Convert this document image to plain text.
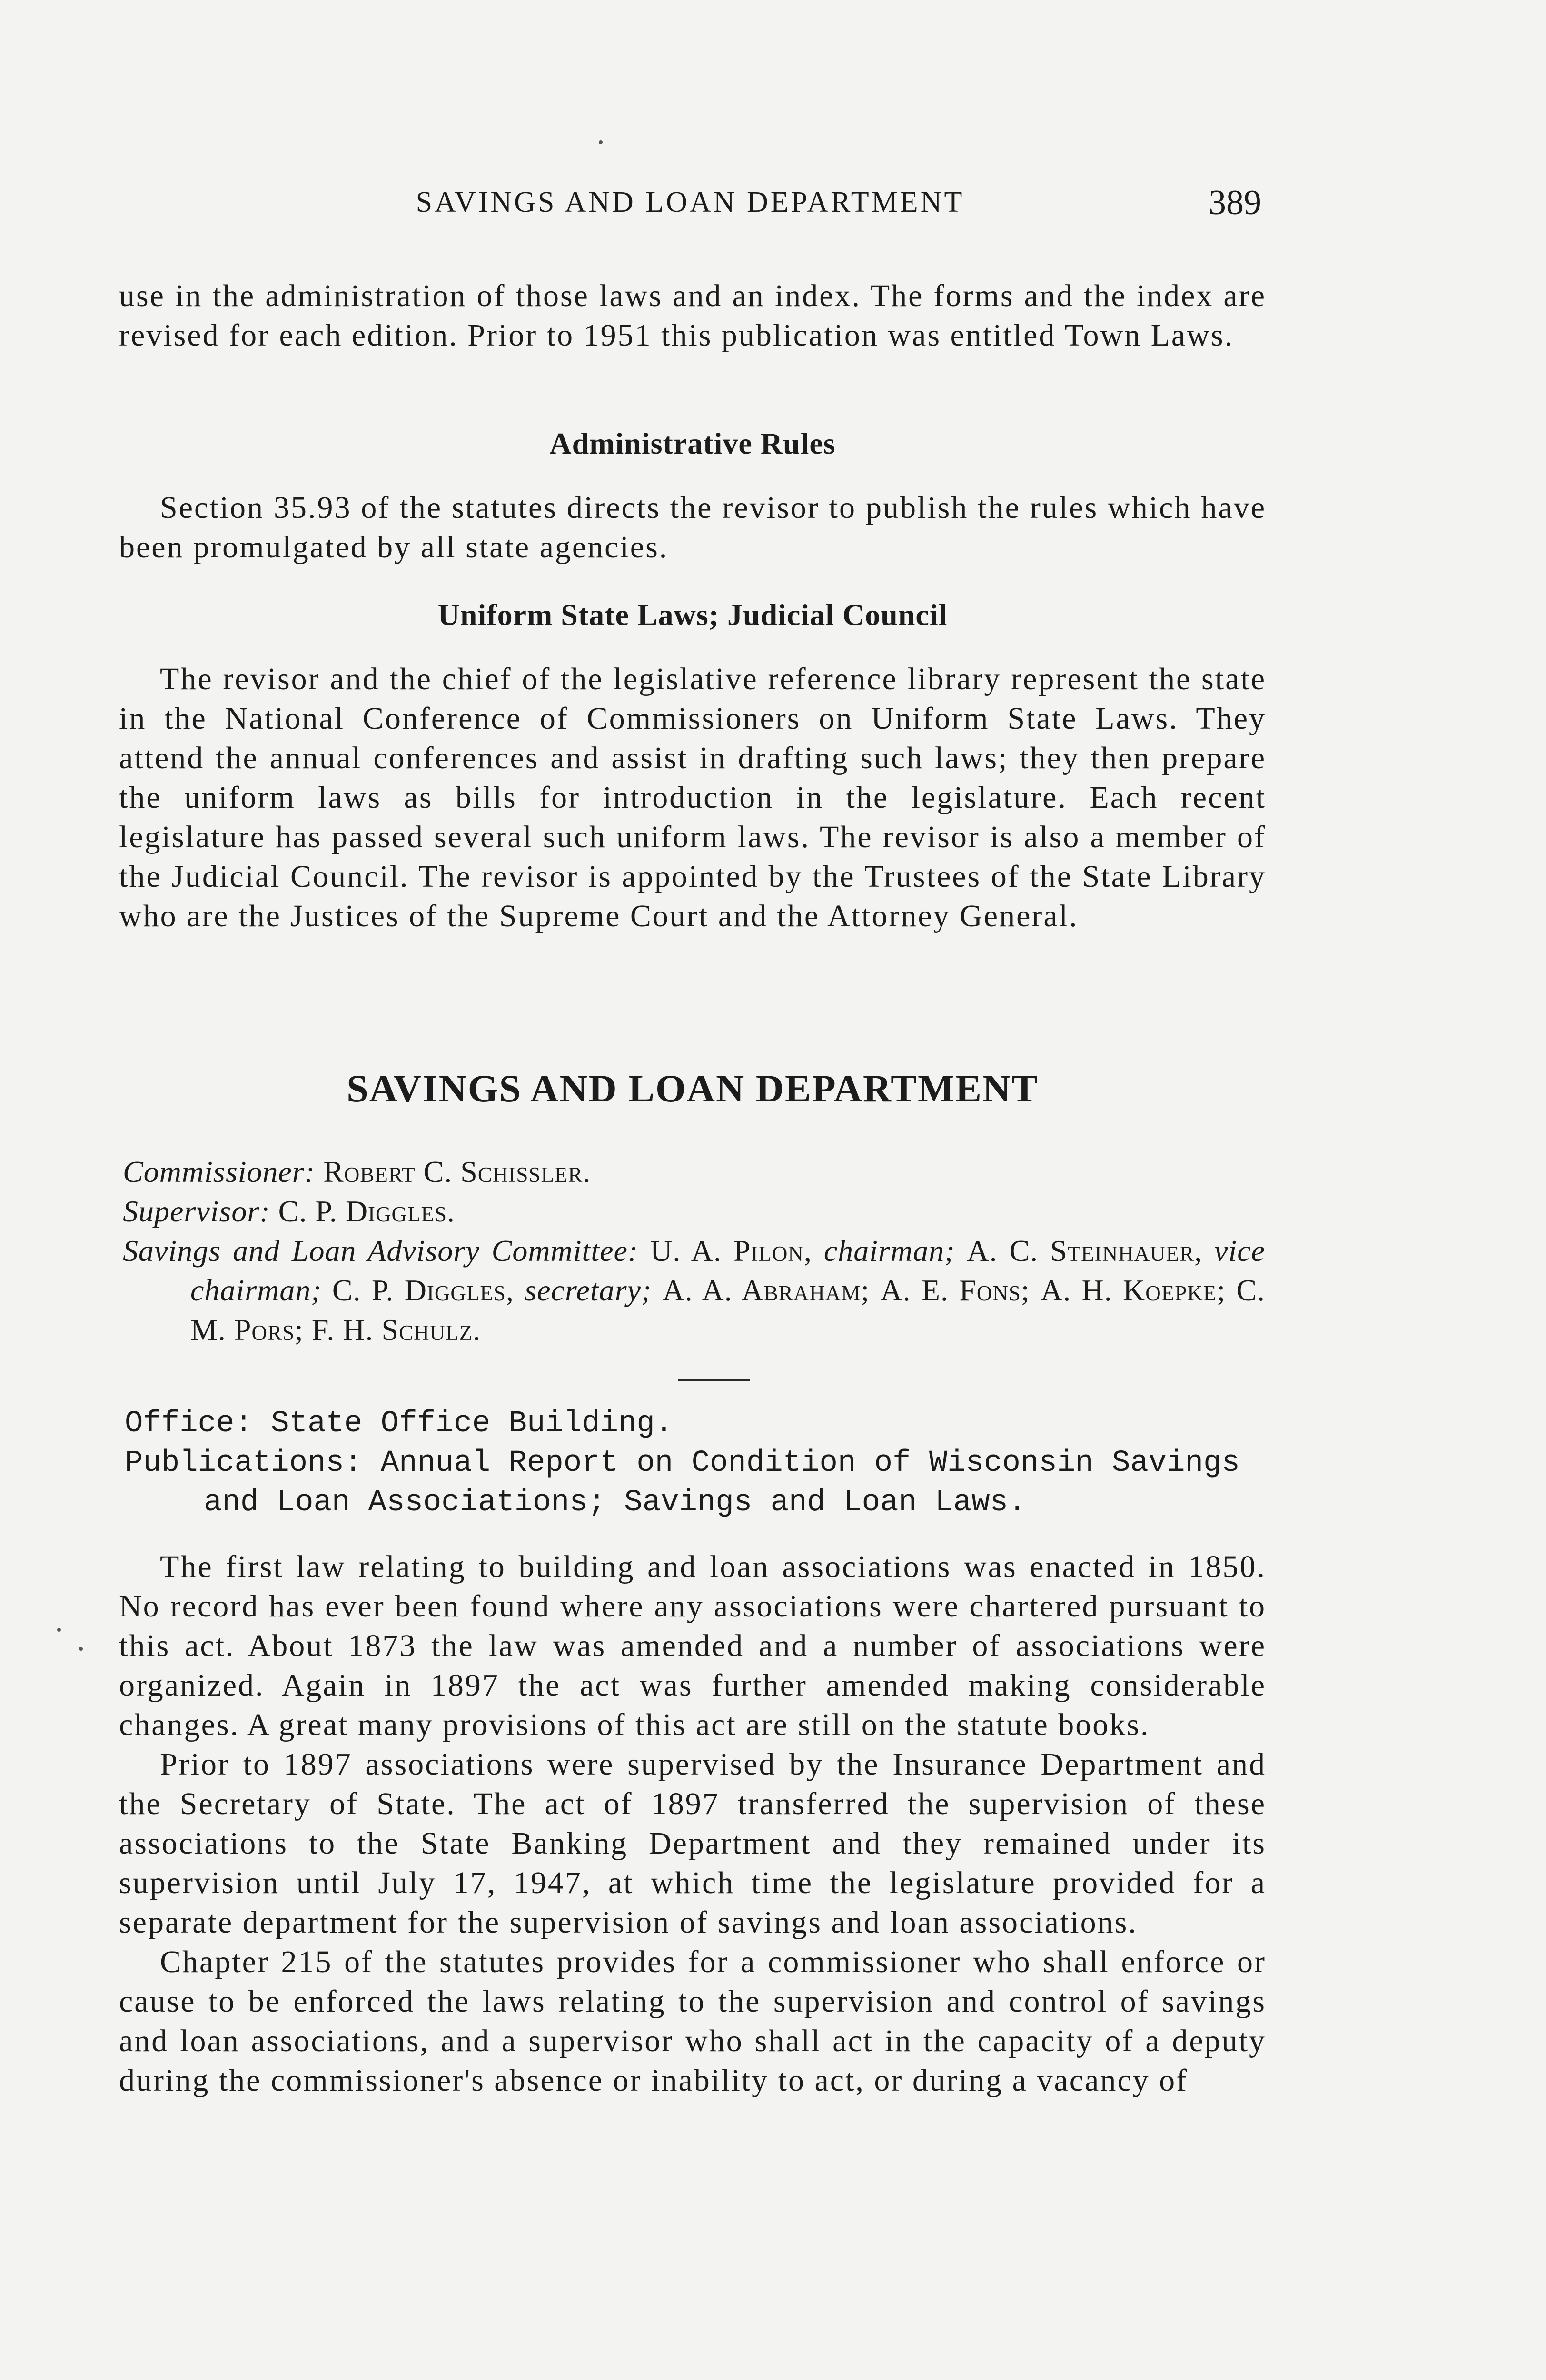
SAVINGS AND LOAN DEPARTMENT	389

use in the administration of those laws and an index. The forms and the index are revised for each edition. Prior to 1951 this publication was entitled Town Laws.

Administrative Rules

Section 35.93 of the statutes directs the revisor to publish the rules which have been promulgated by all state agencies.

Uniform State Laws; Judicial Council

The revisor and the chief of the legislative reference library represent the state in the National Conference of Commissioners on Uniform State Laws. They attend the annual conferences and assist in drafting such laws; they then prepare the uniform laws as bills for introduction in the legislature. Each recent legislature has passed several such uniform laws. The revisor is also a member of the Judicial Council. The revisor is appointed by the Trustees of the State Library who are the Justices of the Supreme Court and the Attorney General.

SAVINGS AND LOAN DEPARTMENT

Commissioner: Robert C. Schissler.

Supervisor: C. P. Diggles.

Savings and Loan Advisory Committee: U. A. Pilon, chairman; A. C. Steinhauer, vice chairman; C. P. Diggles, secretary; A. A. Abraham; A. E. Fons; A. H. Koepke; C. M. Pors; F. H. Schulz.

Office: State Office Building.

Publications: Annual Report on Condition of Wisconsin Savings and Loan Associations; Savings and Loan Laws.

The first law relating to building and loan associations was enacted in 1850. No record has ever been found where any associations were chartered pursuant to this act. About 1873 the law was amended and a number of associations were organized. Again in 1897 the act was further amended making considerable changes. A great many provisions of this act are still on the statute books.

Prior to 1897 associations were supervised by the Insurance Department and the Secretary of State. The act of 1897 transferred the supervision of these associations to the State Banking Department and they remained under its supervision until July 17, 1947, at which time the legislature provided for a separate department for the supervision of savings and loan associations.

Chapter 215 of the statutes provides for a commissioner who shall enforce or cause to be enforced the laws relating to the supervision and control of savings and loan associations, and a supervisor who shall act in the capacity of a deputy during the commissioner's absence or inability to act, or during a vacancy of
